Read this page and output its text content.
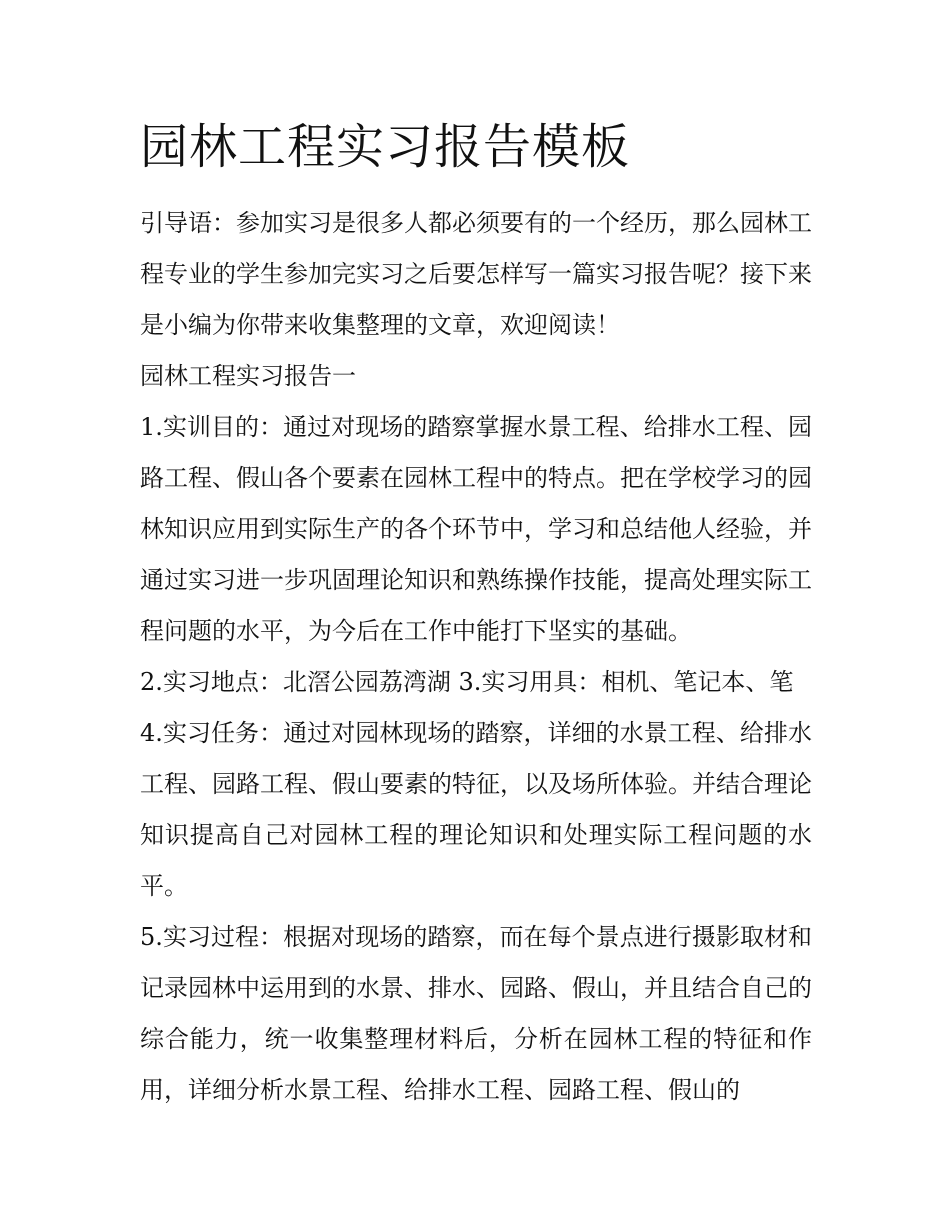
园林工程实习报告模板

引导语：参加实习是很多人都必须要有的一个经历，那么园林工程专业的学生参加完实习之后要怎样写一篇实习报告呢？接下来是小编为你带来收集整理的文章，欢迎阅读！

园林工程实习报告一

1.实训目的：通过对现场的踏察掌握水景工程、给排水工程、园路工程、假山各个要素在园林工程中的特点。把在学校学习的园林知识应用到实际生产的各个环节中，学习和总结他人经验，并通过实习进一步巩固理论知识和熟练操作技能，提高处理实际工程问题的水平，为今后在工作中能打下坚实的基础。

2.实习地点：北滘公园荔湾湖 3.实习用具：相机、笔记本、笔

4.实习任务：通过对园林现场的踏察，详细的水景工程、给排水工程、园路工程、假山要素的特征，以及场所体验。并结合理论知识提高自己对园林工程的理论知识和处理实际工程问题的水平。

5.实习过程：根据对现场的踏察，而在每个景点进行摄影取材和记录园林中运用到的水景、排水、园路、假山，并且结合自己的综合能力，统一收集整理材料后，分析在园林工程的特征和作用，详细分析水景工程、给排水工程、园路工程、假山的
